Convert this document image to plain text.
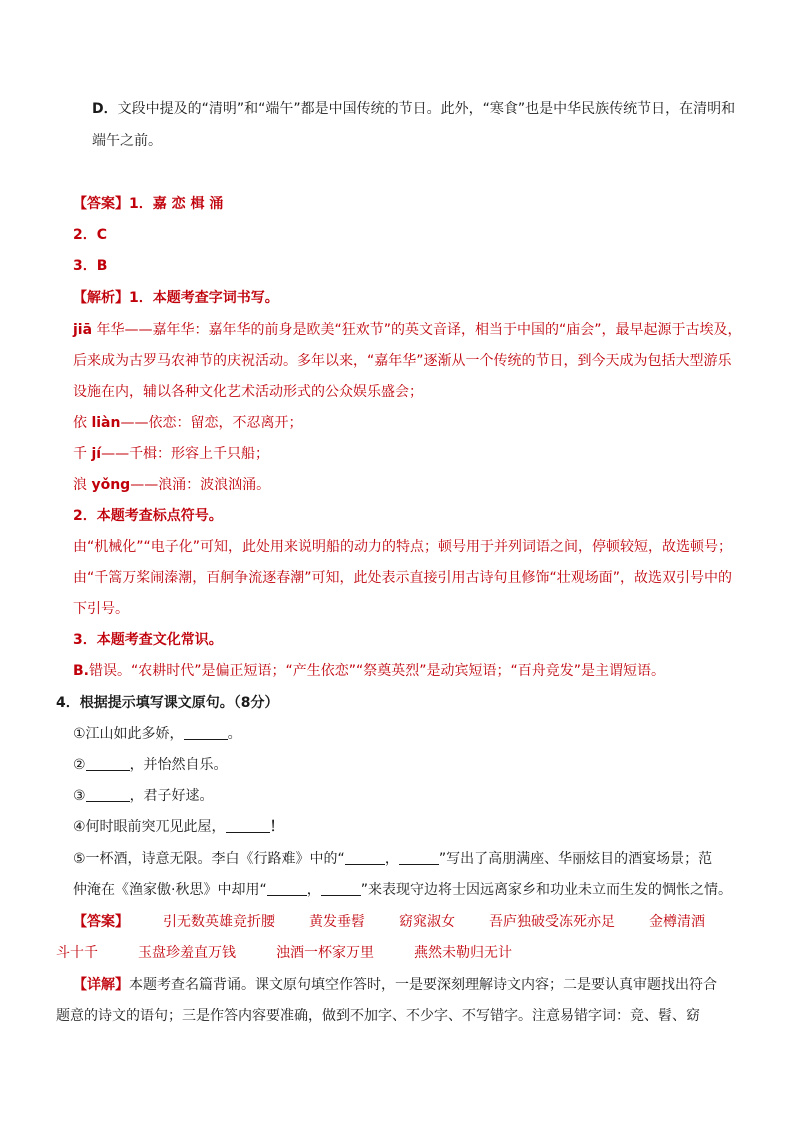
D．文段中提及的“清明”和“端午”都是中国传统的节日。此外，“寒食”也是中华民族传统节日，在清明和
端午之前。
【答案】1．嘉 恋 楫 涌
2．C
3．B
【解析】1．本题考查字词书写。
jiā 年华——嘉年华：嘉年华的前身是欧美“狂欢节”的英文音译，相当于中国的“庙会”，最早起源于古埃及，
后来成为古罗马农神节的庆祝活动。多年以来，“嘉年华”逐渐从一个传统的节日，到今天成为包括大型游乐
设施在内，辅以各种文化艺术活动形式的公众娱乐盛会；
依 liàn——依恋：留恋，不忍离开；
千 jí——千楫：形容上千只船；
浪 yǒng——浪涌：波浪汹涌。
2．本题考查标点符号。
由“机械化”“电子化”可知，此处用来说明船的动力的特点；顿号用于并列词语之间，停顿较短，故选顿号；
由“千篙万桨闹溱潮，百舸争流逐春潮”可知，此处表示直接引用古诗句且修饰“壮观场面”，故选双引号中的
下引号。
3．本题考查文化常识。
B.错误。“农耕时代”是偏正短语；“产生依恋”“祭奠英烈”是动宾短语；“百舟竞发”是主谓短语。
4．根据提示填写课文原句。（8分）
①江山如此多娇，	。
②	，并怡然自乐。
③	，君子好逑。
④何时眼前突兀见此屋，	！
⑤一杯酒，诗意无限。李白《行路难》中的“	，	”写出了高朋满座、华丽炫目的酒宴场景；范
仲淹在《渔家傲·秋思》中却用“	，	”来表现守边将士因远离家乡和功业未立而生发的惆怅之情。
【答案】 引无数英雄竞折腰 黄发垂髫 窈窕淑女 吾庐独破受冻死亦足 金樽清酒
斗十千	玉盘珍羞直万钱	浊酒一杯家万里	燕然未勒归无计
【详解】本题考查名篇背诵。课文原句填空作答时，一是要深刻理解诗文内容；二是要认真审题找出符合
题意的诗文的语句；三是作答内容要准确，做到不加字、不少字、不写错字。注意易错字词：竞、髫、窈
